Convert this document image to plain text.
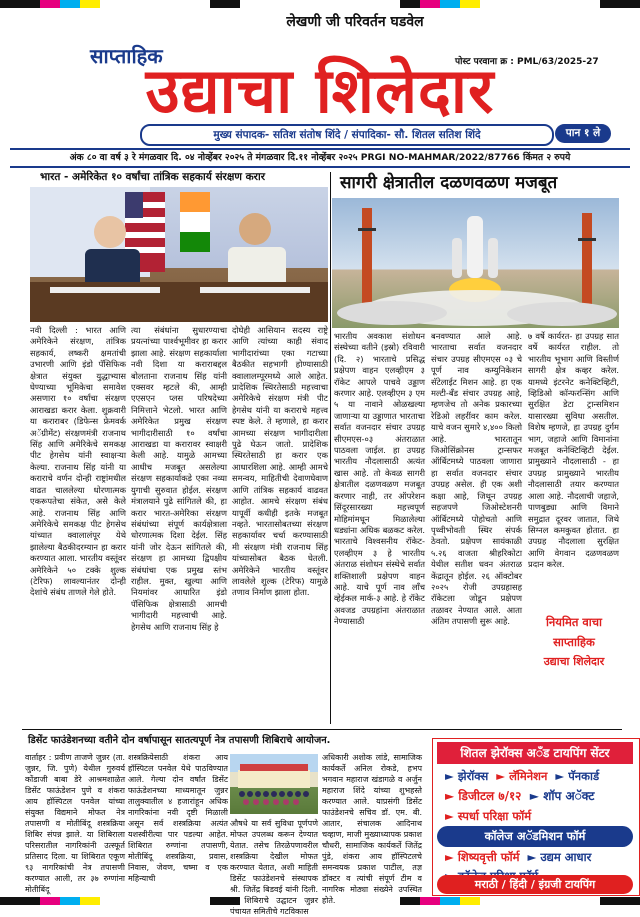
लेखणी जी परिवर्तन घडवेल
साप्ताहिक	पोस्ट परवाना क्र : PML/63/2025-27
उद्याचा शिलेदार
मुख्य संपादक- सतिश संतोष शिंदे / संपादिका- सौ. शितल सतिश शिंदे	पान १ ले
अंक ८० वा वर्ष ३ रे मंगळवार दि. ०४ नोव्हेंबर २०२५ ते मंगळवार दि.११ नोव्हेंबर २०२५ PRGI NO-MAHMAR/2022/87766 किंमत २ रुपये
भारत - अमेरिकेत १० वर्षांचा तांत्रिक सहकार्य संरक्षण करार
नवी दिल्ली : भारत आणि अमेरिकेने संरक्षण, तांत्रिक सहकार्य, लष्करी क्षमतांची उभारणी आणि इंडो पॅसिफिक क्षेत्रात संयुक्त युद्धाभ्यास घेण्याच्या भूमिकेचा समावेश असणारा १० वर्षांचा संरक्षण आराखडा करार केला. शुक्रवारी या कराराबर (डिफेन्स फ्रेमवर्क अॅग्रीमेंट) संरक्षणमंत्री राजनाथ सिंह आणि अमेरिकेचे समकक्ष पीट हेगसेथ यांनी स्वाक्षऱ्या केल्या. राजनाथ सिंह यांनी या कराराचे वर्णन दोन्ही राष्ट्रांमधील वाढत चाललेल्या धोरणात्मक एकरूपतेचा संकेत, असे केले आहे. राजनाथ सिंह आणि अमेरिकेचे समकक्ष पीट हेगसेथ यांच्यात क्वालालंपूर येथे झालेल्या बैठकीदरम्यान हा करार करण्यात आला. भारतीय वस्तूंवर अमेरिकेने ५० टक्के शुल्क (टेरिफ) लावल्यानंतर दोन्ही देशांचे संबंध ताणले गेले होते.
त्या संबंधांना सुधारण्याचा प्रयत्नांच्या पार्श्वभूमीवर हा करार झाला आहे. संरक्षण सहकार्याला नवी दिशा या कराराबद्दल बोलताना राजनाथ सिंह यांनी एक्सवर म्हटले की, आम्ही एएसएन प्लस परिषदेच्या निमित्ताने भेटलो. भारत आणि अमेरिकेत प्रमुख संरक्षण भागीदारीसाठी १० वर्षांचा आराखडा या करारावर स्वाक्षरी केली आहे. यामुळे आमच्या आधीच मजबूत असलेल्या संरक्षण सहकार्याकडे एका नव्या युगाची सुरुवात होईल. संरक्षण मंत्रालयाने पुढे सांगितले की, हा करार भारत-अमेरिका संरक्षण संबंधांच्या संपूर्ण कार्यक्षेत्राला धोरणात्मक दिशा देईल. सिंह यांनी जोर देऊन सांगितले की, संरक्षण हा आमच्या द्विपक्षीय संबंधांचा एक प्रमुख स्तंभ राहील. मुक्त, खुल्या आणि नियमांवर आधारित इंडो पॅसिफिक क्षेत्रासाठी आमची भागीदारी महत्त्वाची आहे. हेगसेथ आणि राजनाथ सिंह हे
दोघेही आसियान सदस्य राष्ट्रे आणि त्यांच्या काही संवाद भागीदारांच्या एका गटाच्या बैठकीत सहभागी होण्यासाठी क्वालालम्पूरमध्ये आले आहेत. प्रादेशिक स्थिरतेसाठी महत्त्वाचा अमेरिकेचे संरक्षण मंत्री पीट हेगसेथ यांनी या कराराचे महत्त्व स्पष्ट केले. ते म्हणाले, हा करार आमच्या संरक्षण भागीदारीला पुढे घेऊन जातो. प्रादेशिक स्थिरतेसाठी हा करार एक आधारशिला आहे. आम्ही आमचे समन्वय, माहितीची देवाणघेवाण आणि तांत्रिक सहकार्य वाढवत आहोत. आमचे संरक्षण संबंध यापूर्वी कधीही इतके मजबूत नव्हते. भारतासोबतच्या संरक्षण सहकार्यावर चर्चा करण्यासाठी मी संरक्षण मंत्री राजनाथ सिंह यांच्यासोबत बैठक घेतली. अमेरिकेने भारतीय वस्तूंवर लावलेले शुल्क (टेरिफ) यामुळे तणाव निर्माण झाला होता.
सागरी क्षेत्रातील दळणवळण मजबूत
भारतीय अवकाश संशोधन संस्थेच्या वतीने (इस्रो) रविवारी (दि. २) भारताचे प्रसिद्ध प्रक्षेपण वाहन एलव्हीएम ३ रॉकेट आपले पाचवे उड्डाण करणार आहे. एलव्हीएम ३ एम ५ या नावाने ओळखल्या जाणाऱ्या या उड्डाणात भारताचा सर्वात वजनदार संचार उपग्रह सीएमएस-०३ अंतराळात पाठवला जाईल. हा उपग्रह भारतीय नौदलासाठी अत्यंत खास आहे. तो केवळ सागरी क्षेत्रातील दळणवळण मजबूत करणार नाही, तर ऑपरेशन सिंदूरसारख्या महत्त्वपूर्ण मोहिमांमधून मिळालेल्या धड्यांना अधिक बळकट करेल. भारताचे विश्वसनीय रॉकेट-एलव्हीएम ३ हे भारतीय अंतराळ संशोधन संस्थेचे सर्वात शक्तिशाली प्रक्षेपण वाहन आहे. याचे पूर्ण नाव लाँच व्हेईकल मार्क-३ आहे. हे रॉकेट अवजड उपग्रहांना अंतराळात नेण्यासाठी
बनवण्यात आले आहे. भारताचा सर्वात वजनदार संचार उपग्रह सीएमएस ०३ चे पूर्ण नाव कम्युनिकेशन सॅटेलाईट मिशन आहे. हा एक मल्टी-बँड संचार उपग्रह आहे, म्हणजेच तो अनेक प्रकारच्या रेडिओ लहरींवर काम करेल. याचे वजन सुमारे ४,४०० किलो आहे. भारतातून जिओसिंक्रोनस ट्रान्सफर ऑर्बिटमध्ये पाठवला जाणारा हा सर्वात वजनदार संचार उपग्रह असेल. ही एक अशी कक्षा आहे, जिथून उपग्रह सहजपणे जिओस्टेशनरी ऑर्बिटमध्ये पोहोचतो आणि पृथ्वीभोवती स्थिर संपर्क ठेवतो. प्रक्षेपण सायंकाळी ५.२६ वाजता श्रीहरिकोटा येथील सतीश धवन अंतराळ केंद्रातून होईल. २६ ऑक्टोबर २०२५ रोजी उपग्रहासह रॉकेटला जोडून प्रक्षेपण तळावर नेण्यात आले. आता अंतिम तपासणी सुरू आहे.
७ वर्षे कार्यरत- हा उपग्रह सात वर्षे कार्यरत राहील. तो भारतीय भूभाग आणि विस्तीर्ण सागरी क्षेत्र कव्हर करेल. यामध्ये इंटरनेट कनेक्टिव्हिटी, व्हिडिओ कॉन्फरन्सिंग आणि सुरक्षित डेटा ट्रान्समिशन यासारख्या सुविधा असतील. विशेष म्हणजे, हा उपग्रह दुर्गम भाग, जहाजे आणि विमानांना मजबूत कनेक्टिव्हिटी देईल. प्रामुख्याने नौदलासाठी - हा उपग्रह प्रामुख्याने भारतीय नौदलासाठी तयार करण्यात आला आहे. नौदलाची जहाजे, पाणबुड्या आणि विमाने समुद्रात दूरवर जातात, जिथे सिग्नल कमकुवत होतात. हा उपग्रह नौदलाला सुरक्षित आणि वेगवान दळणवळण प्रदान करेल.
नियमित वाचा
साप्ताहिक
उद्याचा शिलेदार
डिसेंट फाउंडेशनच्या वतीने दोन वर्षापासून सातत्यपूर्ण नेत्र तपासणी शिबिराचे आयोजन.
वार्ताहर : प्रवीण ताजणे जुन्नर (ता. जुन्नर, जि. पुणे) येथील गुरुवर्य कोंडाजी बाबा डेरे आश्रमशाळेत डिसेंट फाऊंडेशन पुणे व शंकरा आय हॉस्पिटल पनवेल यांच्या संयुक्त विद्यमाने मोफत नेत्र तपासणी व मोतीबिंदू शस्त्रक्रिया शिबिर संपन्न झाले. या शिबिराला परिसरातील नागरिकांनी उत्स्फूर्त प्रतिसाद दिला. या शिबिरात एकूण ९३ नागरिकांची नेत्र तपासणी करण्यात आली, तर ३७ रुग्णांना मोतीबिंदू
शस्त्रक्रियेसाठी शंकरा आय हॉस्पिटल पनवेल येथे पाठविण्यात आले. गेल्या दोन वर्षांत डिसेंट फाऊंडेशनच्या माध्यमातून जुन्नर तालुक्यातील ४ हजारांहून अधिक नागरिकांना नवी दृष्टी मिळाली असून सर्व शस्त्रक्रिया अत्यंत यशस्वीरीत्या पार पडल्या आहेत. शिबिरात रुग्णांना तपासणी, मोतीबिंदू शस्त्रक्रिया, प्रवास, निवास, जेवण, चष्मा व एक महिन्याची
औषधे या सर्व सुविधा पूर्णपणे मोफत उपलब्ध करून देण्यात येतात. तसेच तिरळेपणावरील शस्त्रक्रिया देखील मोफत करण्यात येतात, अशी माहिती डिसेंट फाउंडेशनचे संस्थापक श्री. जितेंद्र बिडवई यांनी दिली. या शिबिराचे उद्घाटन जुन्नर पंचायत समितीचे गटविकास
अधिकारी अशोक लांडे, सामाजिक कार्यकर्ते अनिल रोकडे, हभप भगवान महाराज खंडागळे व अर्जुन महाराज शिंदे यांच्या शुभहस्ते करण्यात आले. याप्रसंगी डिसेंट फाउंडेशनचे सचिव डॉ. एम. बी. आतार, संचालक आदिनाथ चव्हाण, माजी मुख्याध्यापक प्रकाश चौधरी, सामाजिक कार्यकर्ते जितेंद्र पुंडे, शंकरा आय हॉस्पिटलचे समन्वयक प्रकाश पाटील, तज्ञ डॉक्टर व त्यांची संपूर्ण टीम व नागरिक मोठ्या संख्येने उपस्थित होते.
शितल झेरॉक्स अॅंड टायपिंग सेंटर
► झेरॉक्स ► लॅमिनेशन ► पॅनकार्ड
► डिजीटल ७/१२ ► शॉप अॅक्ट
► स्पर्धा परिक्षा फॉर्म
कॉलेज अॅडमिशन फॉर्म
► शिष्यवृत्ती फॉर्म ► उद्यम आधार
मराठी / हिंदी / इंग्रजी टायपिंग
